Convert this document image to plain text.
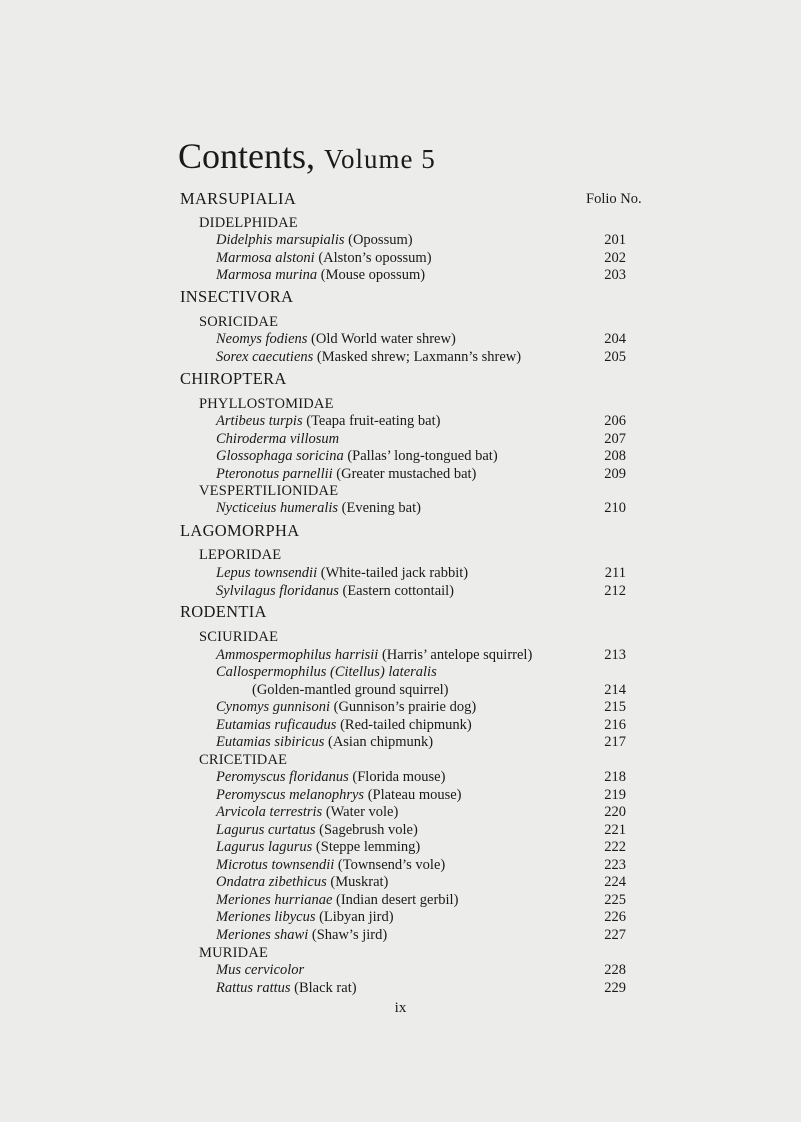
Contents, Volume 5
Folio No.
MARSUPIALIA
DIDELPHIDAE
Didelphis marsupialis (Opossum)	201
Marmosa alstoni (Alston’s opossum)	202
Marmosa murina (Mouse opossum)	203
INSECTIVORA
SORICIDAE
Neomys fodiens (Old World water shrew)	204
Sorex caecutiens (Masked shrew; Laxmann’s shrew)	205
CHIROPTERA
PHYLLOSTOMIDAE
Artibeus turpis (Teapa fruit-eating bat)	206
Chiroderma villosum	207
Glossophaga soricina (Pallas’ long-tongued bat)	208
Pteronotus parnellii (Greater mustached bat)	209
VESPERTILIONIDAE
Nycticeius humeralis (Evening bat)	210
LAGOMORPHA
LEPORIDAE
Lepus townsendii (White-tailed jack rabbit)	211
Sylvilagus floridanus (Eastern cottontail)	212
RODENTIA
SCIURIDAE
Ammospermophilus harrisii (Harris’ antelope squirrel)	213
Callospermophilus (Citellus) lateralis
(Golden-mantled ground squirrel)	214
Cynomys gunnisoni (Gunnison’s prairie dog)	215
Eutamias ruficaudus (Red-tailed chipmunk)	216
Eutamias sibiricus (Asian chipmunk)	217
CRICETIDAE
Peromyscus floridanus (Florida mouse)	218
Peromyscus melanophrys (Plateau mouse)	219
Arvicola terrestris (Water vole)	220
Lagurus curtatus (Sagebrush vole)	221
Lagurus lagurus (Steppe lemming)	222
Microtus townsendii (Townsend’s vole)	223
Ondatra zibethicus (Muskrat)	224
Meriones hurrianae (Indian desert gerbil)	225
Meriones libycus (Libyan jird)	226
Meriones shawi (Shaw’s jird)	227
MURIDAE
Mus cervicolor	228
Rattus rattus (Black rat)	229
ix
